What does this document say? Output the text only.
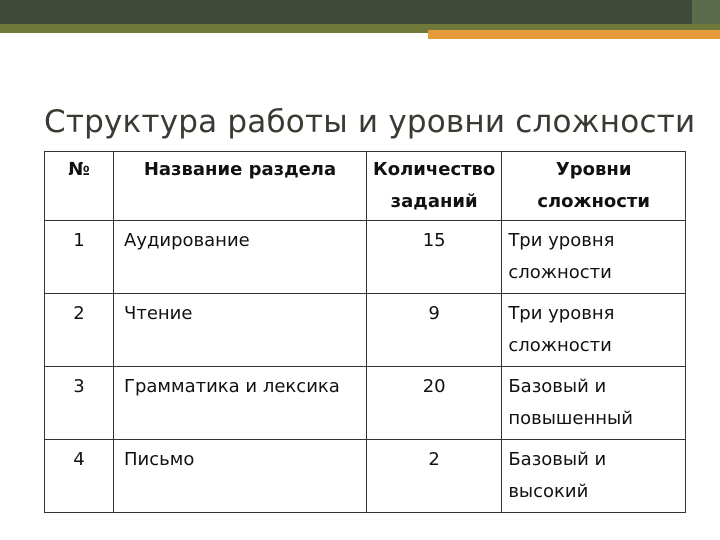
Структура работы и уровни сложности
№	Название раздела	Количество заданий	Уровни сложности
1	Аудирование	15	Три уровня сложности
2	Чтение	9	Три уровня сложности
3	Грамматика и лексика	20	Базовый и повышенный
4	Письмо	2	Базовый и высокий
